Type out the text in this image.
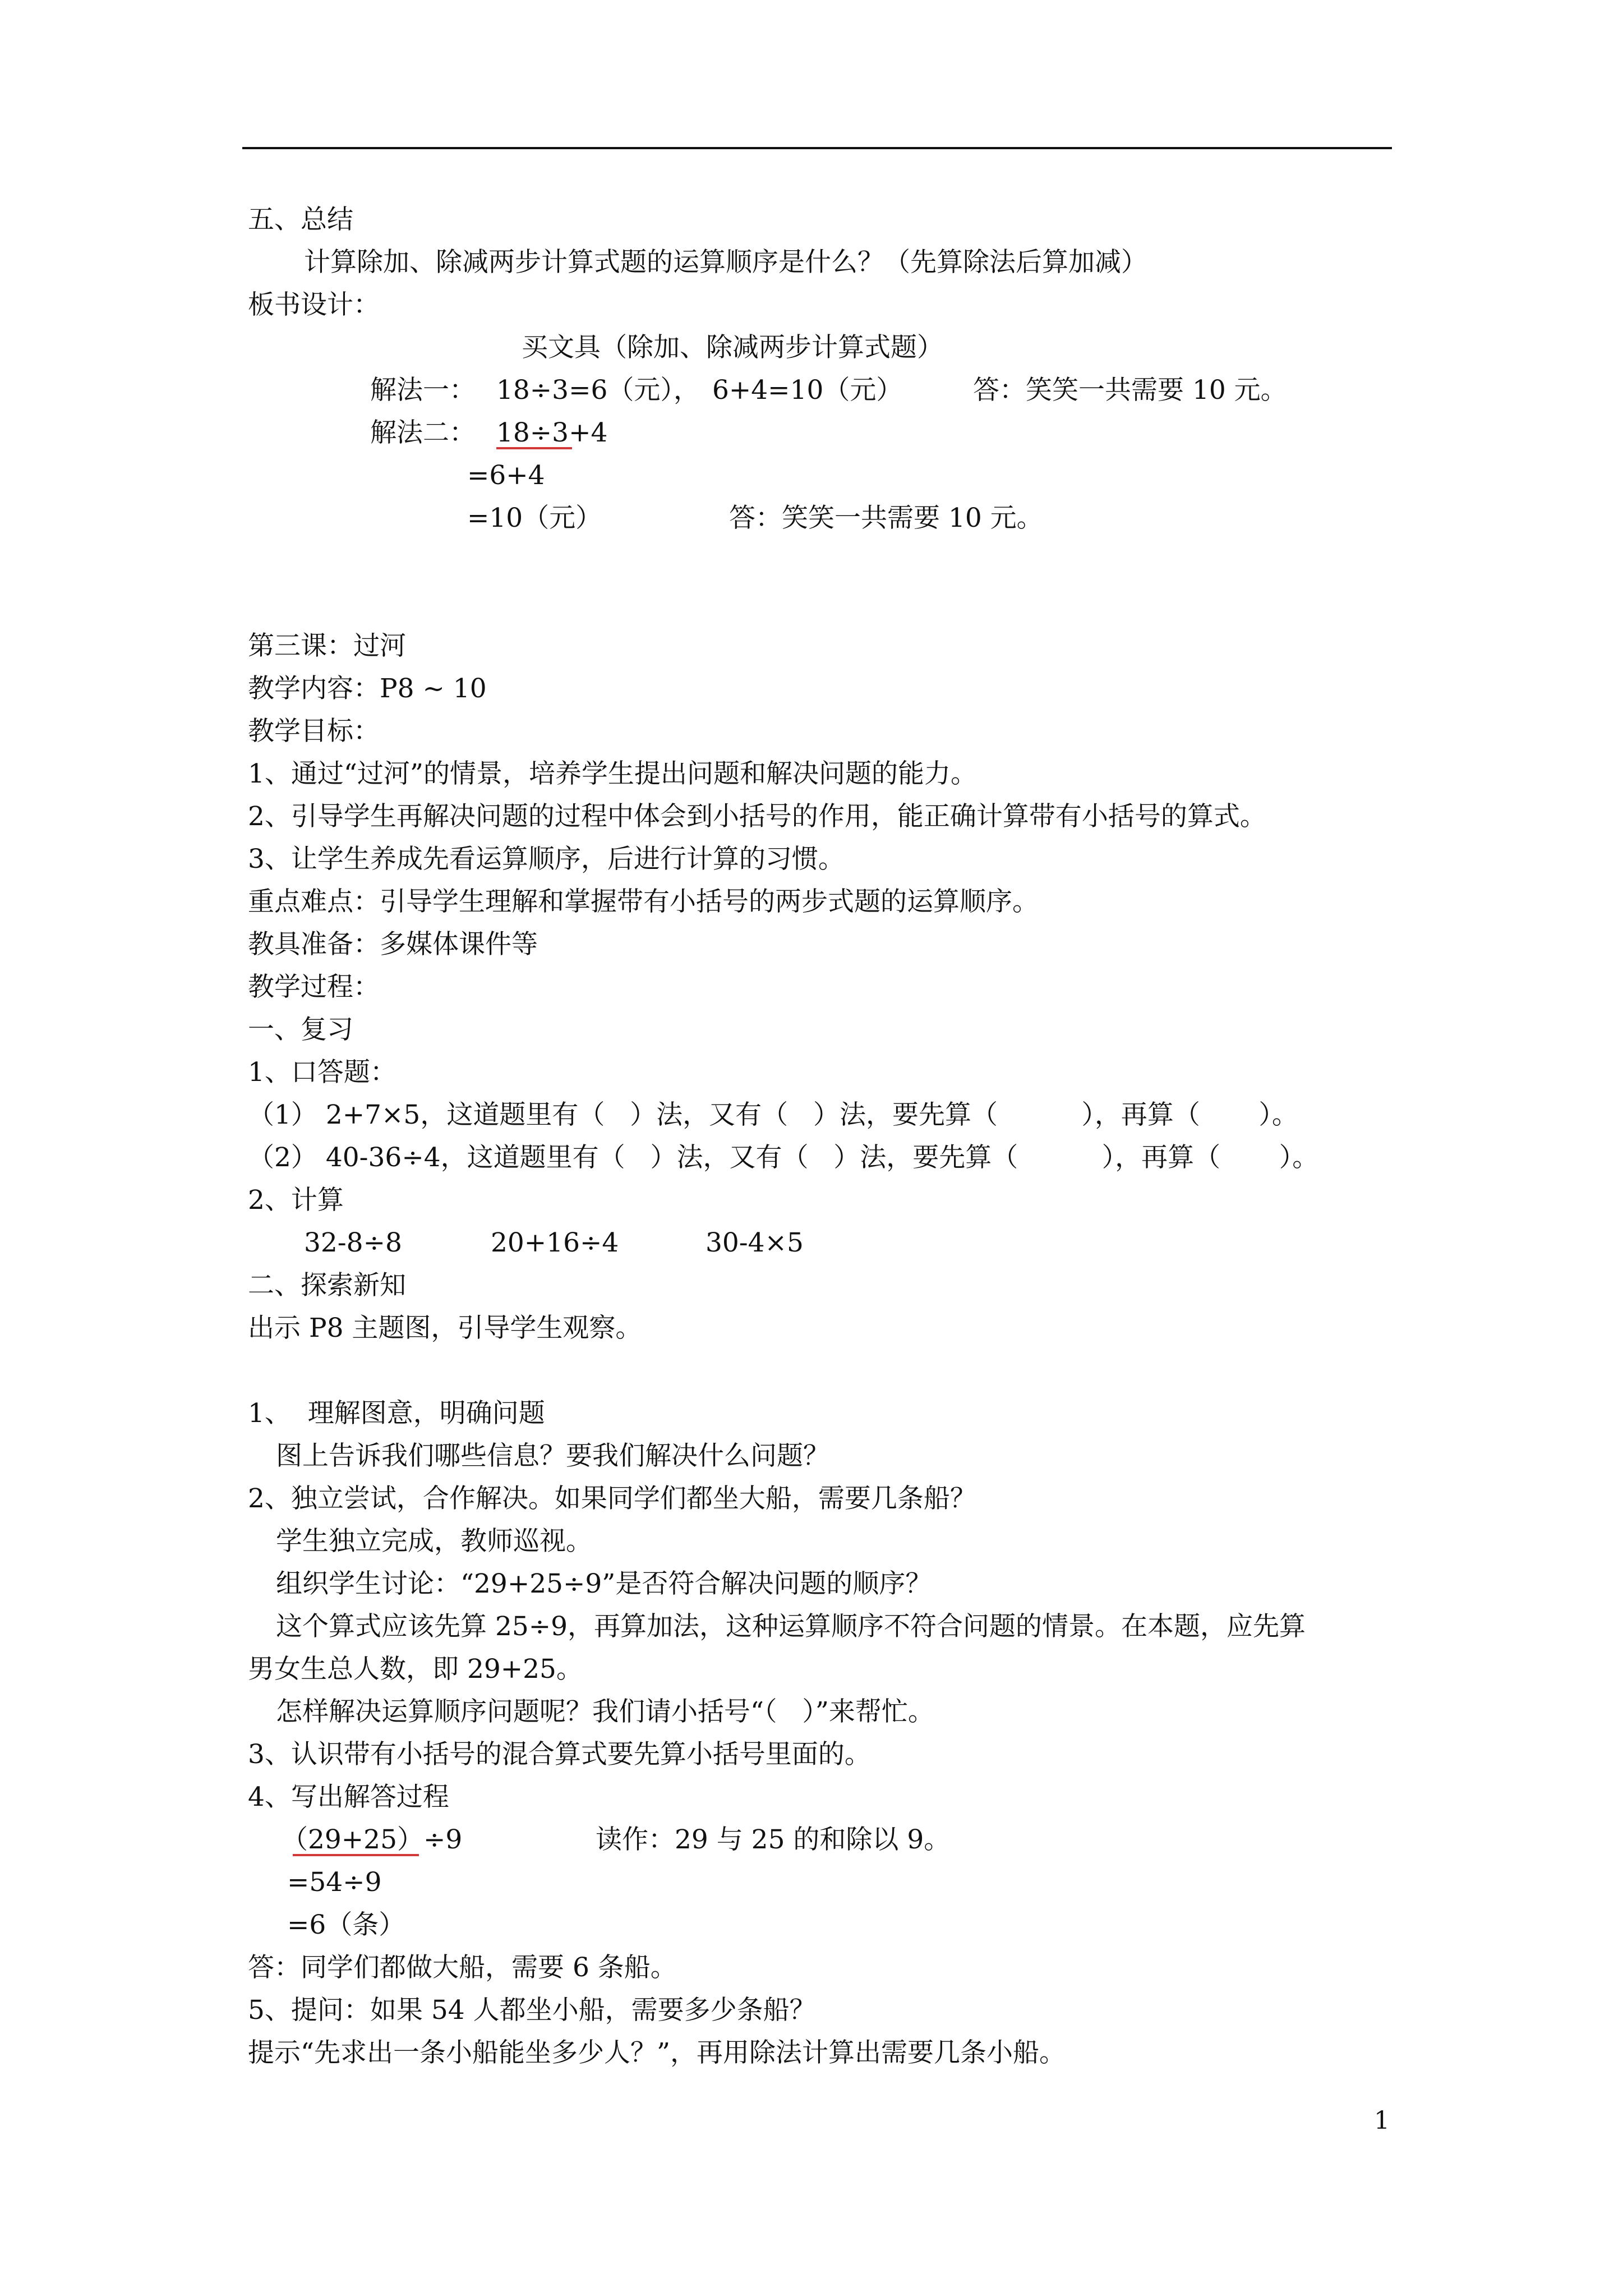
五、总结
计算除加、除减两步计算式题的运算顺序是什么？（先算除法后算加减）
板书设计：
买文具（除加、除减两步计算式题）
解法一： 18÷3=6（元）， 6+4=10（元）	答：笑笑一共需要 10 元。
解法二： 18÷3+4
=6+4
=10（元）	答：笑笑一共需要 10 元。
第三课：过河
教学内容：P8 ~ 10
教学目标：
1、通过“过河”的情景，培养学生提出问题和解决问题的能力。
2、引导学生再解决问题的过程中体会到小括号的作用，能正确计算带有小括号的算式。
3、让学生养成先看运算顺序，后进行计算的习惯。
重点难点：引导学生理解和掌握带有小括号的两步式题的运算顺序。
教具准备：多媒体课件等
教学过程：
一、复习
1、口答题：
（1） 2+7×5，这道题里有（   ）法，又有（   ）法，要先算（          ），再算（       ）。
（2） 40-36÷4，这道题里有（   ）法，又有（   ）法，要先算（          ），再算（       ）。
2、计算
32-8÷8	20+16÷4	30-4×5
二、探索新知
出示 P8 主题图，引导学生观察。
1、  理解图意，明确问题
图上告诉我们哪些信息？要我们解决什么问题？
2、独立尝试，合作解决。如果同学们都坐大船，需要几条船？
学生独立完成，教师巡视。
组织学生讨论：“29+25÷9”是否符合解决问题的顺序？
这个算式应该先算 25÷9，再算加法，这种运算顺序不符合问题的情景。在本题，应先算
男女生总人数，即 29+25。
怎样解决运算顺序问题呢？我们请小括号“（   ）”来帮忙。
3、认识带有小括号的混合算式要先算小括号里面的。
4、写出解答过程
（29+25）÷9	读作：29 与 25 的和除以 9。
=54÷9
=6（条）
答：同学们都做大船，需要 6 条船。
5、提问：如果 54 人都坐小船，需要多少条船？
提示“先求出一条小船能坐多少人？”，再用除法计算出需要几条小船。
1
